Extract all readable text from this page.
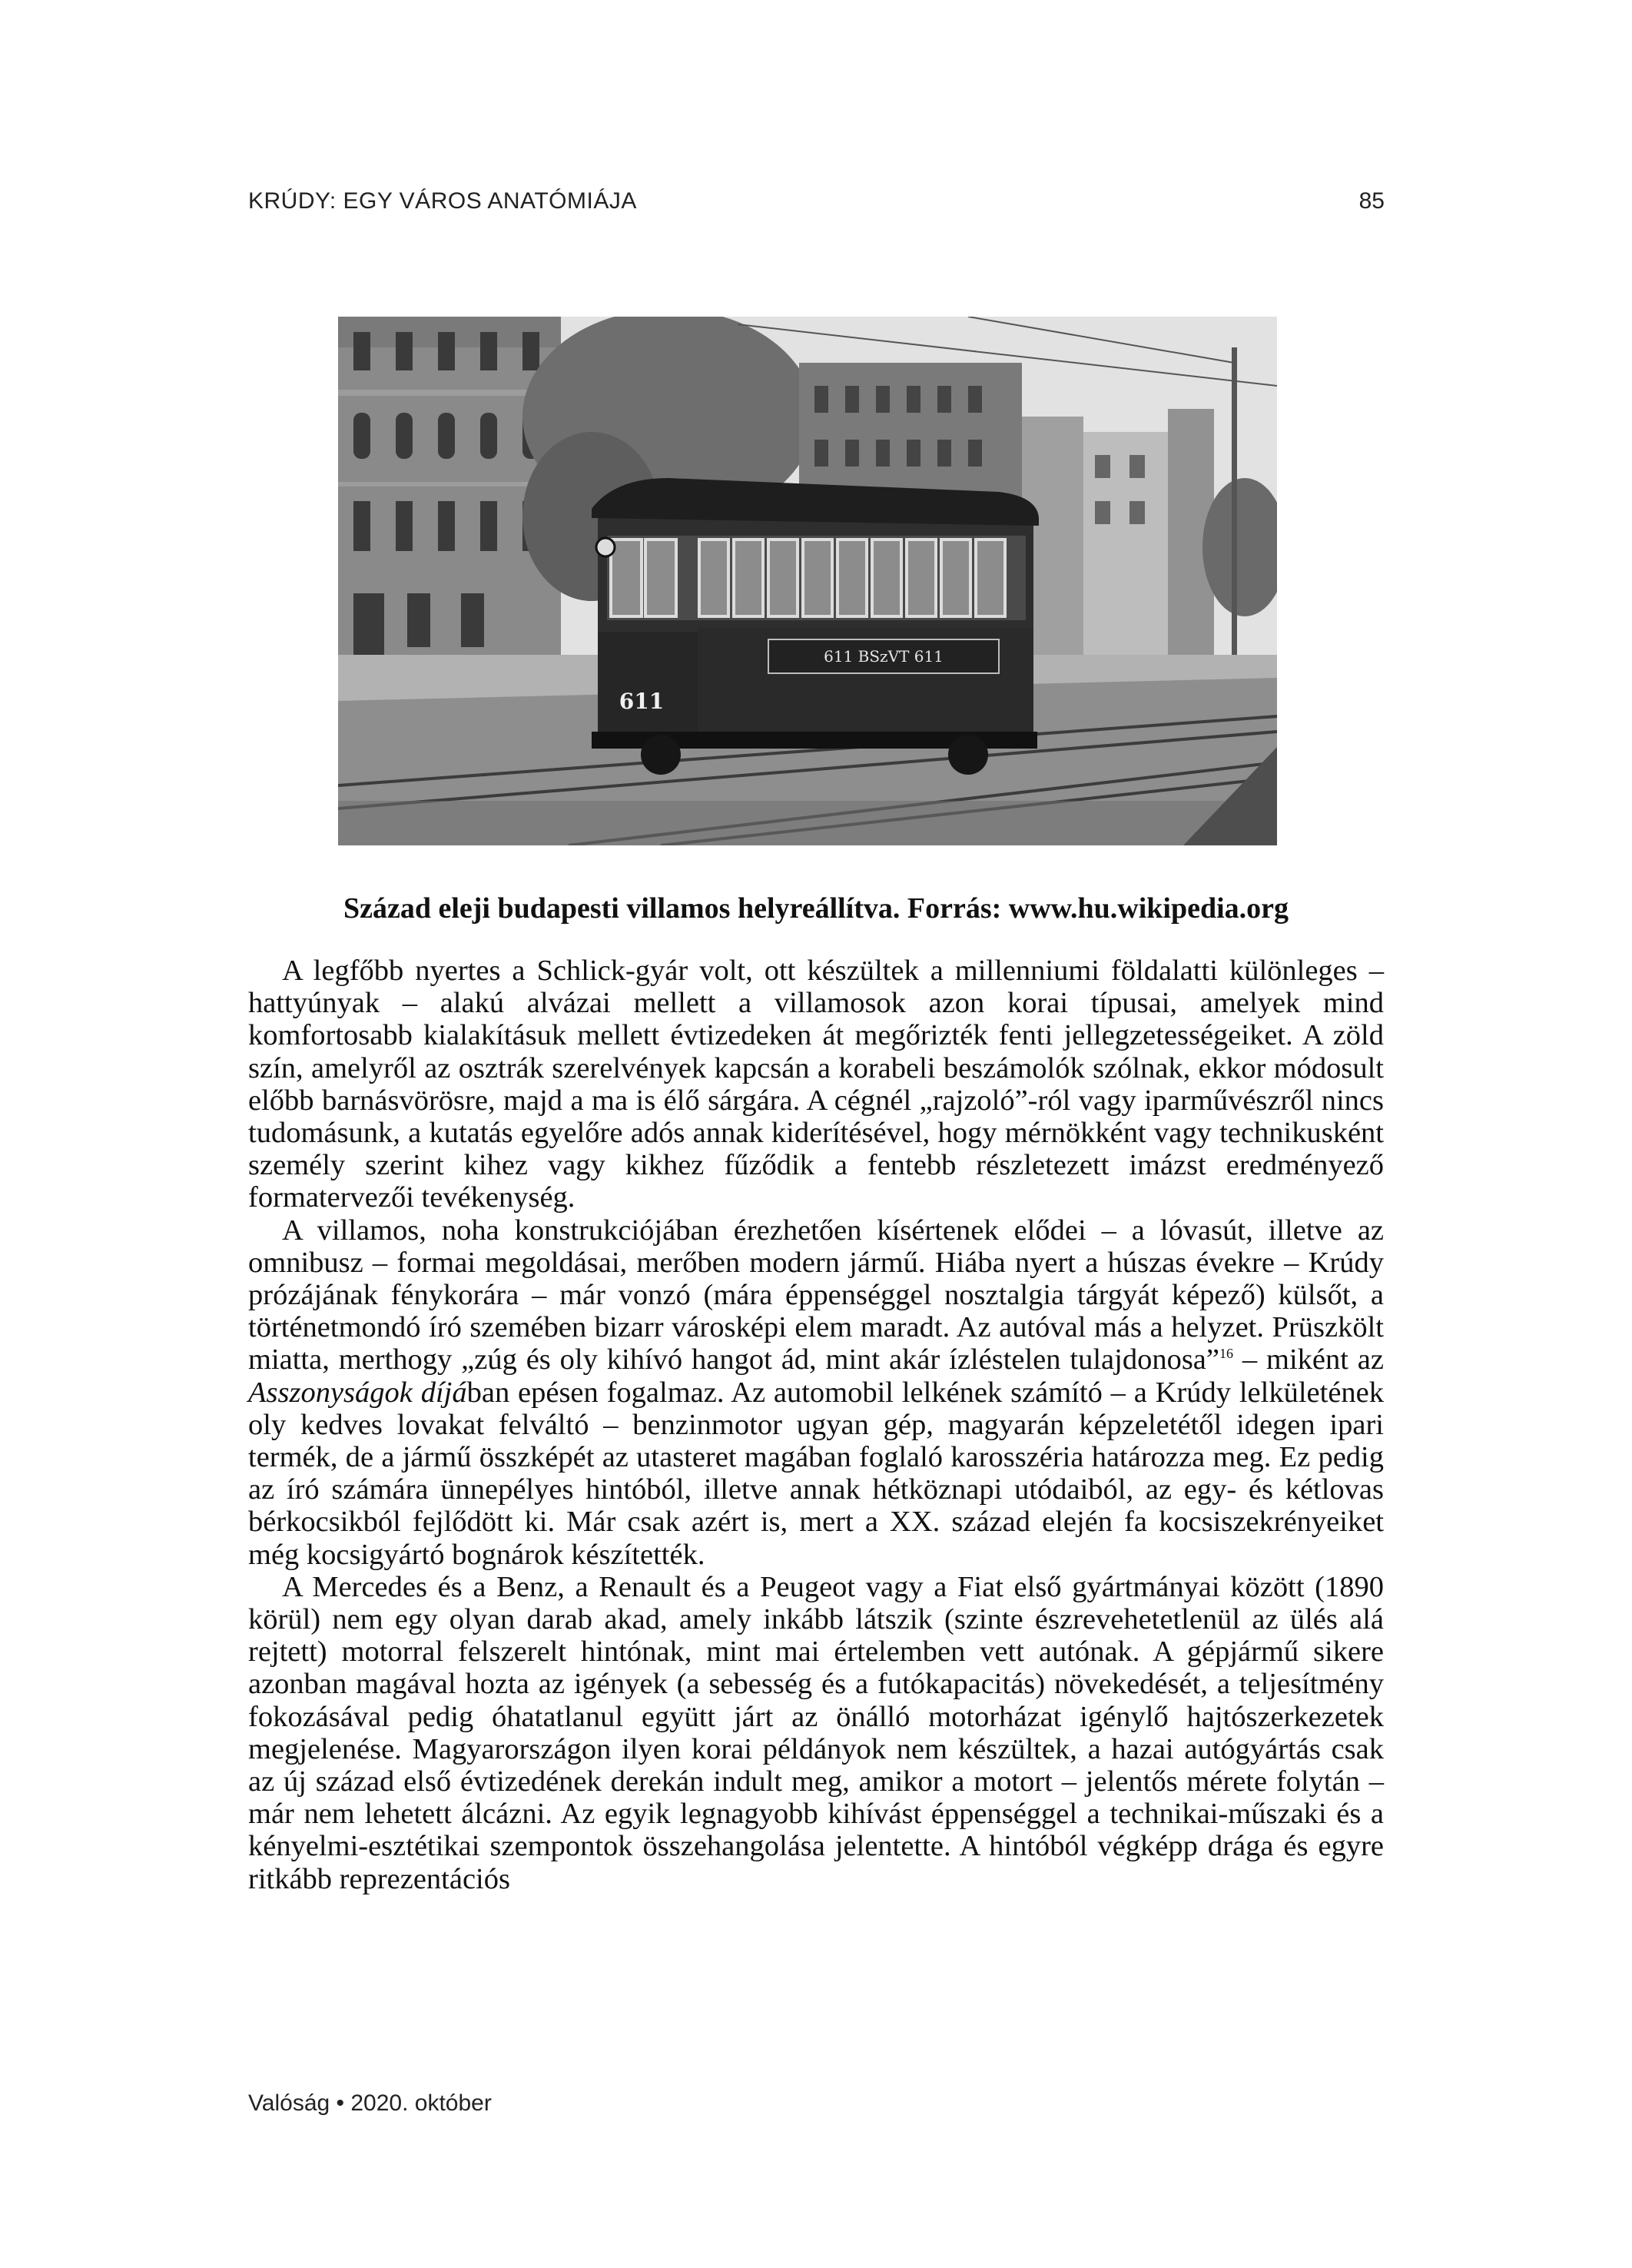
KRÚDY: EGY VÁROS ANATÓMIÁJA	85
611 BSzVT 611
611
Század eleji budapesti villamos helyreállítva. Forrás: www.hu.wikipedia.org

A legfőbb nyertes a Schlick-gyár volt, ott készültek a millenniumi földalatti különleges – hattyúnyak – alakú alvázai mellett a villamosok azon korai típusai, amelyek mind komfortosabb kialakításuk mellett évtizedeken át megőrizték fenti jellegzetességeiket. A zöld szín, amelyről az osztrák szerelvények kapcsán a korabeli beszámolók szólnak, ekkor módosult előbb barnásvörösre, majd a ma is élő sárgára. A cégnél „rajzoló”-ról vagy iparművészről nincs tudomásunk, a kutatás egyelőre adós annak kiderítésével, hogy mérnökként vagy technikusként személy szerint kihez vagy kikhez fűződik a fentebb részletezett imázst eredményező formatervezői tevékenység.

A villamos, noha konstrukciójában érezhetően kísértenek elődei – a lóvasút, illetve az omnibusz – formai megoldásai, merőben modern jármű. Hiába nyert a húszas évekre – Krúdy prózájának fénykorára – már vonzó (mára éppenséggel nosztalgia tárgyát képező) külsőt, a történetmondó író szemében bizarr városképi elem maradt. Az autóval más a helyzet. Prüszkölt miatta, merthogy „zúg és oly kihívó hangot ád, mint akár ízléstelen tulajdonosa”$^{16}$ – miként az Asszonyságok díjában epésen fogalmaz. Az automobil lelkének számító – a Krúdy lelkületének oly kedves lovakat felváltó – benzinmotor ugyan gép, magyarán képzeletétől idegen ipari termék, de a jármű összképét az utasteret magában foglaló karosszéria határozza meg. Ez pedig az író számára ünnepélyes hintóból, illetve annak hétköznapi utódaiból, az egy- és kétlovas bérkocsikból fejlődött ki. Már csak azért is, mert a XX. század elején fa kocsiszekrényeiket még kocsigyártó bognárok készítették.

A Mercedes és a Benz, a Renault és a Peugeot vagy a Fiat első gyártmányai között (1890 körül) nem egy olyan darab akad, amely inkább látszik (szinte észrevehetetlenül az ülés alá rejtett) motorral felszerelt hintónak, mint mai értelemben vett autónak. A gépjármű sikere azonban magával hozta az igények (a sebesség és a futókapacitás) növekedését, a teljesítmény fokozásával pedig óhatatlanul együtt járt az önálló motorházat igénylő hajtószerkezetek megjelenése. Magyarországon ilyen korai példányok nem készültek, a hazai autógyártás csak az új század első évtizedének derekán indult meg, amikor a motort – jelentős mérete folytán – már nem lehetett álcázni. Az egyik legnagyobb kihívást éppenséggel a technikai-műszaki és a kényelmi-esztétikai szempontok összehangolása jelentette. A hintóból végképp drága és egyre ritkább reprezentációs

Valóság • 2020. október
